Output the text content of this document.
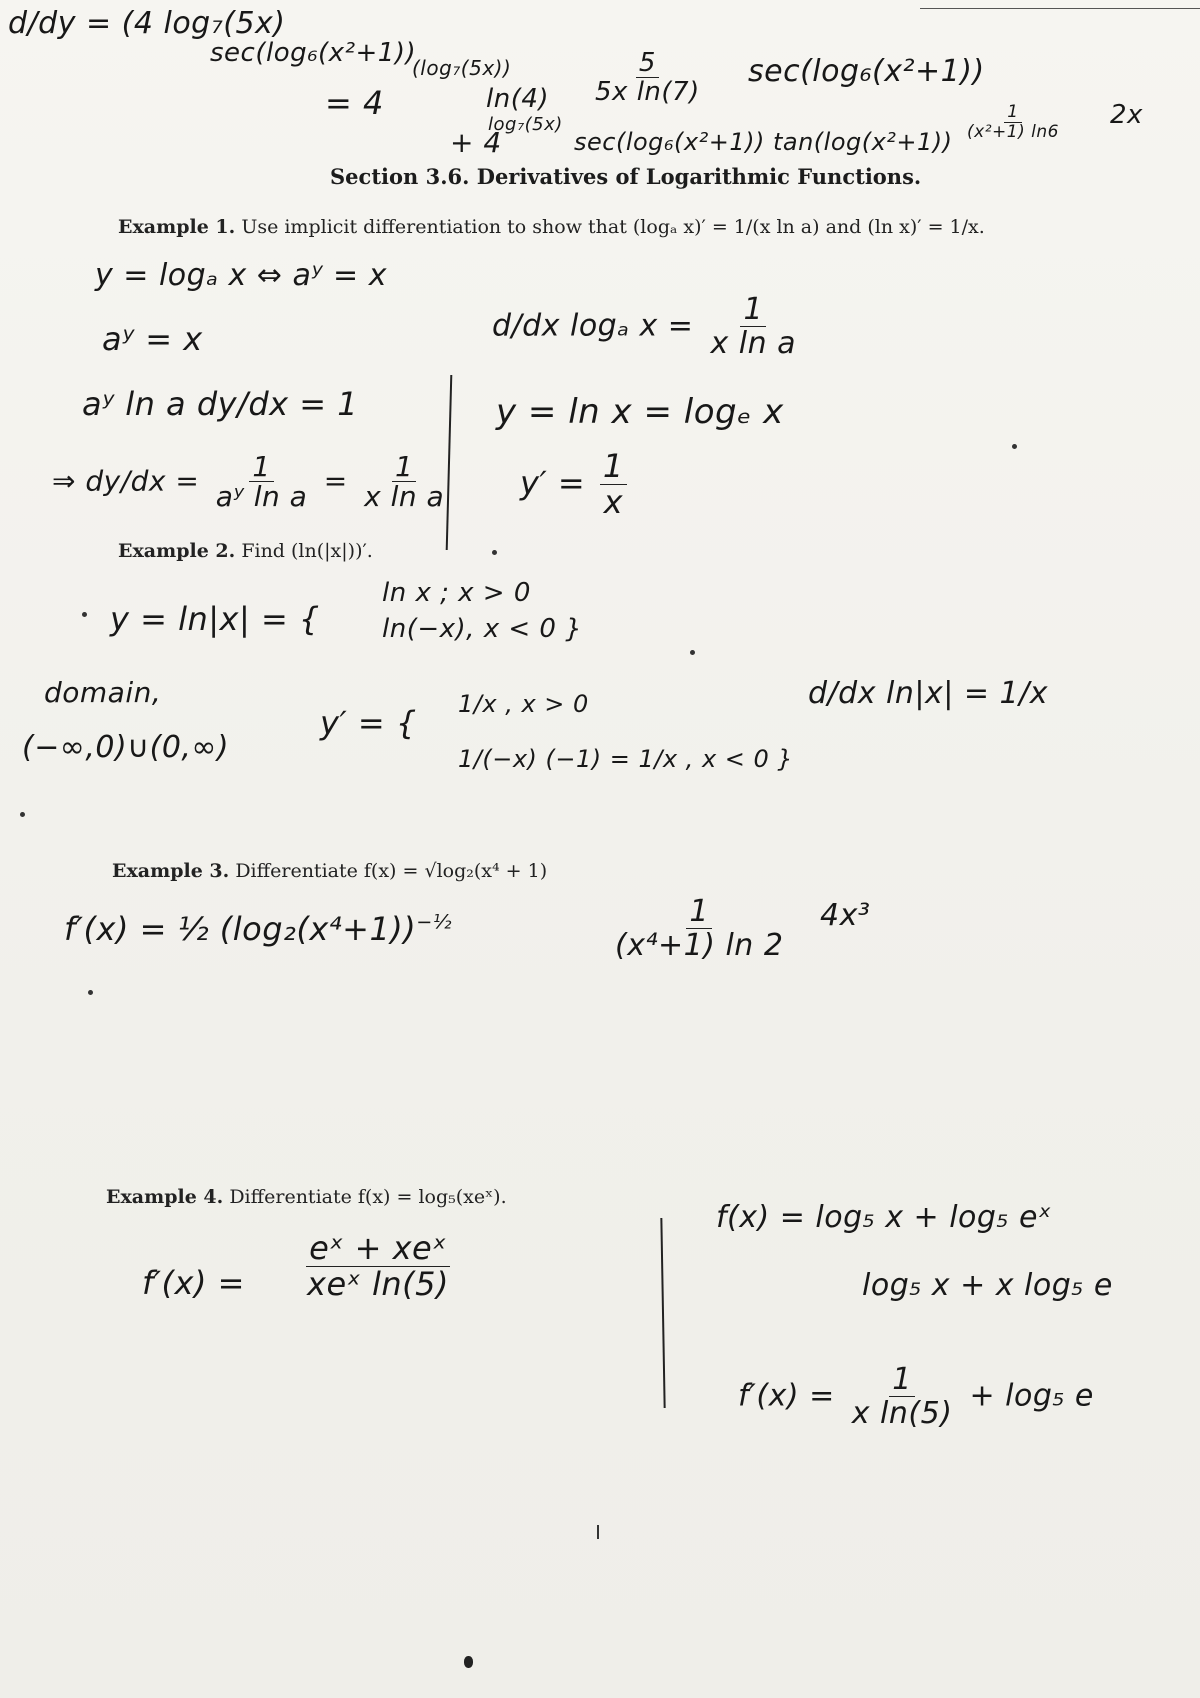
d/dy = (4 log₇(5x)
sec(log₆(x²+1))
= 4
(log₇(5x))
$\ln(4) \frac{5}{\text{5x ln(7)}} \sec(\log_6(x^2+1))$
+ 4
log₇(5x)
sec(log₆(x²+1)) tan(log(x²+1))
$\frac{1}{\text{(x²+1) ln6}} 2x$
Section 3.6. Derivatives of Logarithmic Functions.
Example 1. Use implicit differentiation to show that (logₐ x)′ = 1/(x ln a) and (ln x)′ = 1/x.
y = logₐ x ⇔ aʸ = x
aʸ = x
aʸ ln a dy/dx = 1
⇒ $dy/dx = \frac{1}{\text{aʸ ln a}} = \frac{1}{\text{x ln a}}$
d/dx logₐ $x = \frac{1}{\text{x ln a}}$
y = ln x = logₑ x
$y' = \frac{1}{x}$
Example 2. Find (ln(|x|))′.
y = ln|x| = {
ln x ; x > 0
ln(−x), x < 0 }
domain,
(−∞,0)∪(0,∞)
y′ = { 1/x , x > 0
1/(−x) (−1) = 1/x , x < 0 }
d/dx ln|x| = 1/x
Example 3. Differentiate f(x) = √log₂(x⁴ + 1)
f′(x) = ½ $(\log_2(x^4+1))^{-\frac{1}{2}}$	$\frac{1}{\text{(x⁴+1) ln 2}} 4x^3$
Example 4. Differentiate f(x) = log₅(xeˣ).
$f'(x) = \frac{\text{eˣ + xeˣ}}{\text{xeˣ ln(5)}}$
f(x) = log₅ x + log₅ eˣ
log₅ x + x log₅ e
$f'(x) = \frac{1}{\text{x ln(5)}} + \log_5$ e
